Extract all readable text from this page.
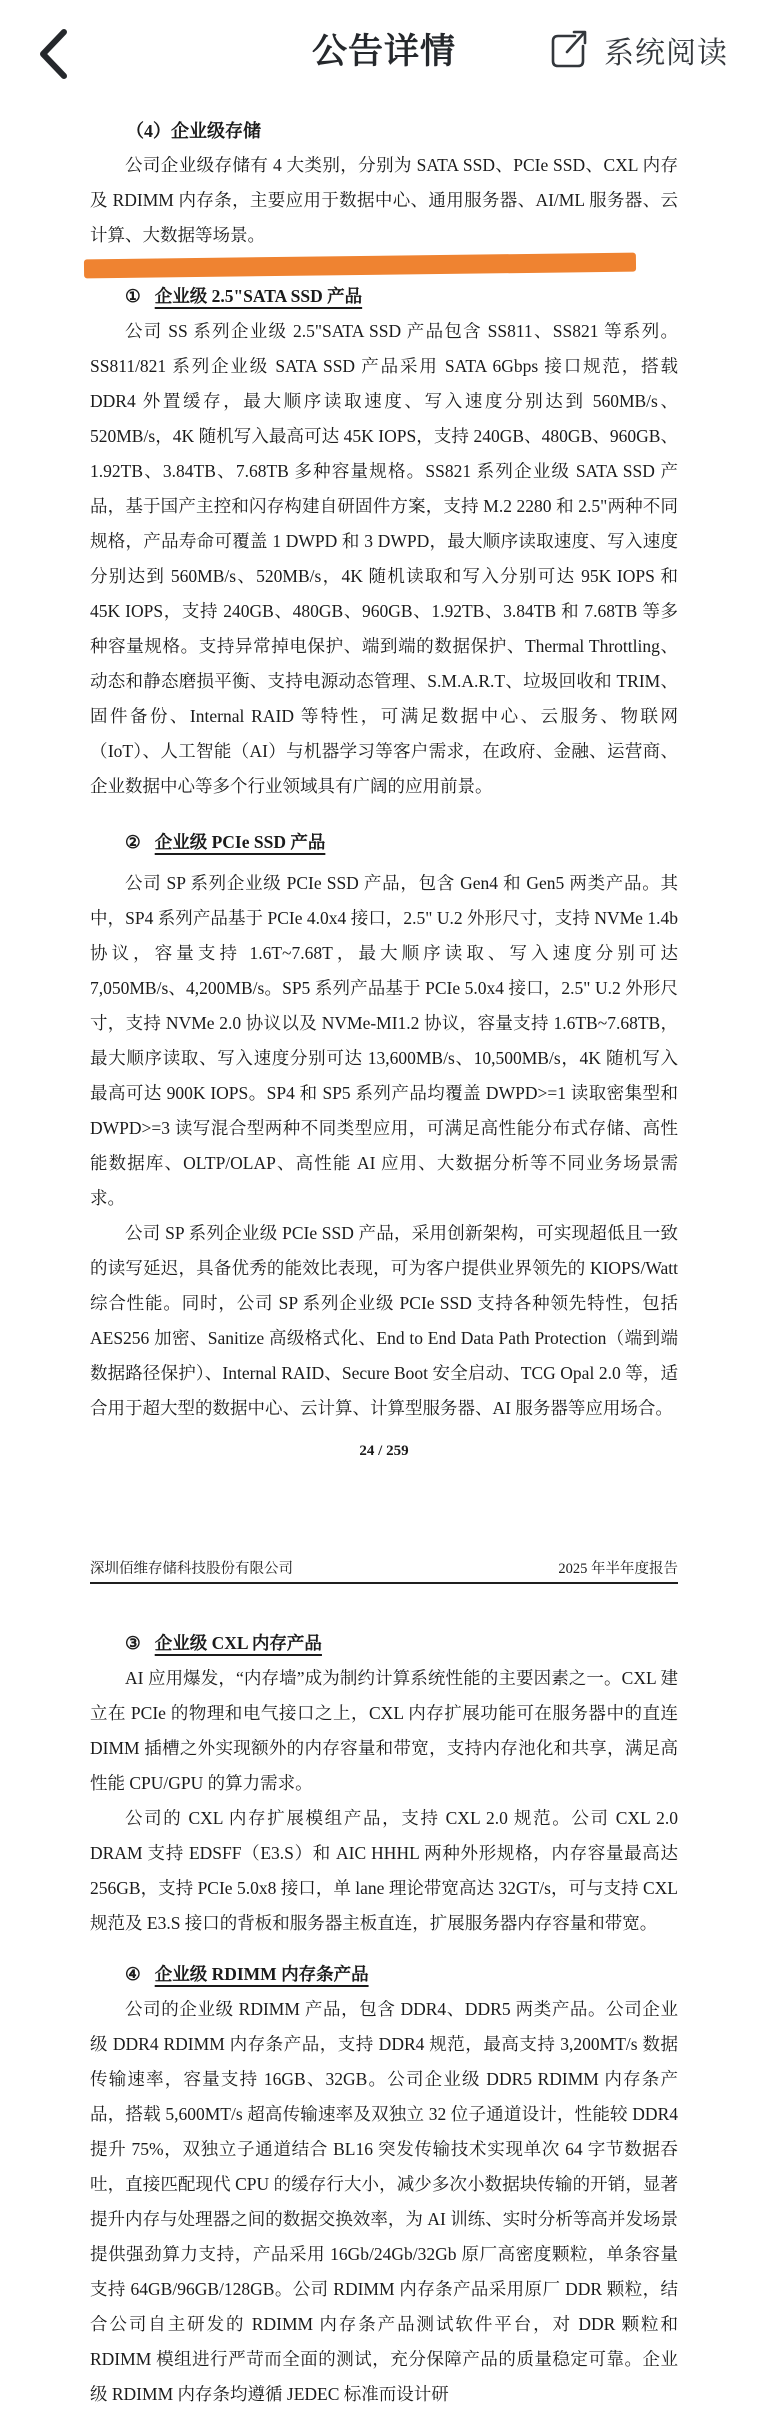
公告详情	系统阅读
（4）企业级存储

公司企业级存储有 4 大类别，分别为 SATA SSD、PCIe SSD、CXL 内存及 RDIMM 内存条，主要应用于数据中心、通用服务器、AI/ML 服务器、云计算、大数据等场景。

① 企业级 2.5"SATA SSD 产品

公司 SS 系列企业级 2.5"SATA SSD 产品包含 SS811、SS821 等系列。SS811/821 系列企业级 SATA SSD 产品采用 SATA 6Gbps 接口规范，搭载 DDR4 外置缓存，最大顺序读取速度、写入速度分别达到 560MB/s、520MB/s，4K 随机写入最高可达 45K IOPS，支持 240GB、480GB、960GB、1.92TB、3.84TB、7.68TB 多种容量规格。SS821 系列企业级 SATA SSD 产品，基于国产主控和闪存构建自研固件方案，支持 M.2 2280 和 2.5"两种不同规格，产品寿命可覆盖 1 DWPD 和 3 DWPD，最大顺序读取速度、写入速度分别达到 560MB/s、520MB/s，4K 随机读取和写入分别可达 95K IOPS 和 45K IOPS，支持 240GB、480GB、960GB、1.92TB、3.84TB 和 7.68TB 等多种容量规格。支持异常掉电保护、端到端的数据保护、Thermal Throttling、动态和静态磨损平衡、支持电源动态管理、S.M.A.R.T、垃圾回收和 TRIM、固件备份、Internal RAID 等特性，可满足数据中心、云服务、物联网（IoT）、人工智能（AI）与机器学习等客户需求，在政府、金融、运营商、企业数据中心等多个行业领域具有广阔的应用前景。

② 企业级 PCIe SSD 产品

公司 SP 系列企业级 PCIe SSD 产品，包含 Gen4 和 Gen5 两类产品。其中，SP4 系列产品基于 PCIe 4.0x4 接口，2.5" U.2 外形尺寸，支持 NVMe 1.4b 协议，容量支持 1.6T~7.68T，最大顺序读取、写入速度分别可达 7,050MB/s、4,200MB/s。SP5 系列产品基于 PCIe 5.0x4 接口，2.5" U.2 外形尺寸，支持 NVMe 2.0 协议以及 NVMe-MI1.2 协议，容量支持 1.6TB~7.68TB，最大顺序读取、写入速度分别可达 13,600MB/s、10,500MB/s，4K 随机写入最高可达 900K IOPS。SP4 和 SP5 系列产品均覆盖 DWPD>=1 读取密集型和 DWPD>=3 读写混合型两种不同类型应用，可满足高性能分布式存储、高性能数据库、OLTP/OLAP、高性能 AI 应用、大数据分析等不同业务场景需求。

公司 SP 系列企业级 PCIe SSD 产品，采用创新架构，可实现超低且一致的读写延迟，具备优秀的能效比表现，可为客户提供业界领先的 KIOPS/Watt 综合性能。同时，公司 SP 系列企业级 PCIe SSD 支持各种领先特性，包括 AES256 加密、Sanitize 高级格式化、End to End Data Path Protection（端到端数据路径保护）、Internal RAID、Secure Boot 安全启动、TCG Opal 2.0 等，适合用于超大型的数据中心、云计算、计算型服务器、AI 服务器等应用场合。

24 / 259
深圳佰维存储科技股份有限公司	2025 年半年度报告
③ 企业级 CXL 内存产品

AI 应用爆发，“内存墙”成为制约计算系统性能的主要因素之一。CXL 建立在 PCIe 的物理和电气接口之上，CXL 内存扩展功能可在服务器中的直连 DIMM 插槽之外实现额外的内存容量和带宽，支持内存池化和共享，满足高性能 CPU/GPU 的算力需求。

公司的 CXL 内存扩展模组产品，支持 CXL 2.0 规范。公司 CXL 2.0 DRAM 支持 EDSFF（E3.S）和 AIC HHHL 两种外形规格，内存容量最高达 256GB，支持 PCIe 5.0x8 接口，单 lane 理论带宽高达 32GT/s，可与支持 CXL 规范及 E3.S 接口的背板和服务器主板直连，扩展服务器内存容量和带宽。

④ 企业级 RDIMM 内存条产品

公司的企业级 RDIMM 产品，包含 DDR4、DDR5 两类产品。公司企业级 DDR4 RDIMM 内存条产品，支持 DDR4 规范，最高支持 3,200MT/s 数据传输速率，容量支持 16GB、32GB。公司企业级 DDR5 RDIMM 内存条产品，搭载 5,600MT/s 超高传输速率及双独立 32 位子通道设计，性能较 DDR4 提升 75%，双独立子通道结合 BL16 突发传输技术实现单次 64 字节数据吞吐，直接匹配现代 CPU 的缓存行大小，减少多次小数据块传输的开销，显著提升内存与处理器之间的数据交换效率，为 AI 训练、实时分析等高并发场景提供强劲算力支持，产品采用 16Gb/24Gb/32Gb 原厂高密度颗粒，单条容量支持 64GB/96GB/128GB。公司 RDIMM 内存条产品采用原厂 DDR 颗粒，结合公司自主研发的 RDIMM 内存条产品测试软件平台，对 DDR 颗粒和 RDIMM 模组进行严苛而全面的测试，充分保障产品的质量稳定可靠。企业级 RDIMM 内存条均遵循 JEDEC 标准而设计研
